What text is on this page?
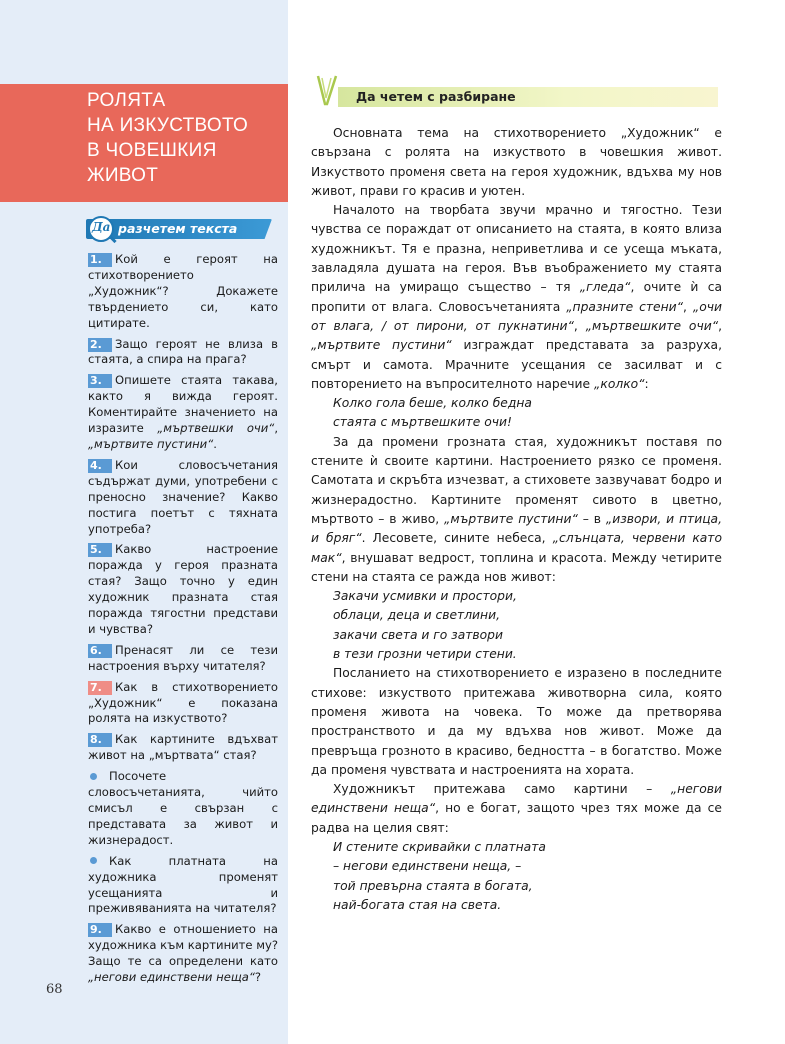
РОЛЯТА
НА ИЗКУСТВОТО
В ЧОВЕШКИЯ
ЖИВОТ
Да разчетем текста
1. Кой е героят на стихотворението „Художник“? Докажете твърдението си, като цитирате.
2. Защо героят не влиза в стаята, а спира на прага?
3. Опишете стаята такава, както я вижда героят. Коментирайте значението на изразите „мъртвешки очи“, „мъртвите пустини“.
4. Кои словосъчетания съдържат думи, употребени с преносно значение? Какво постига поетът с тяхната употреба?
5. Какво настроение поражда у героя празната стая? Защо точно у един художник празната стая поражда тягостни представи и чувства?
6. Пренасят ли се тези настроения върху читателя?
7. Как в стихотворението „Художник“ е показана ролята на изкуството?
8. Как картините вдъхват живот на „мъртвата“ стая?
Посочете словосъчетанията, чийто смисъл е свързан с представата за живот и жизнерадост.
Как платната на художника променят усещанията и преживяванията на читателя?
9. Какво е отношението на художника към картините му? Защо те са определени като „негови единствени неща“?
68
Да четем с разбиране

Основната тема на стихотворението „Художник“ е свързана с ролята на изкуството в човешкия живот. Изкуството променя света на героя художник, вдъхва му нов живот, прави го красив и уютен.

Началото на творбата звучи мрачно и тягостно. Тези чувства се пораждат от описанието на стаята, в която влиза художникът. Тя е празна, неприветлива и се усеща мъката, завладяла душата на героя. Във въображението му стаята прилича на умиращо същество – тя „гледа“, очите ѝ са пропити от влага. Словосъчетанията „празните стени“, „очи от влага, / от пирони, от пукнатини“, „мъртвешките очи“, „мъртвите пустини“ изграждат представата за разруха, смърт и самота. Мрачните усещания се засилват и с повторението на въпросителното наречие „колко“:

Колко гола беше, колко бедна

стаята с мъртвешките очи!

За да промени грозната стая, художникът поставя по стените ѝ своите картини. Настроението рязко се променя. Самотата и скръбта изчезват, а стиховете зазвучават бодро и жизнерадостно. Картините променят сивото в цветно, мъртвото – в живо, „мъртвите пустини“ – в „извори, и птица, и бряг“. Лесовете, сините небеса, „слънцата, червени като мак“, внушават ведрост, топлина и красота. Между четирите стени на стаята се ражда нов живот:

Закачи усмивки и простори,

облаци, деца и светлини,

закачи света и го затвори

в тези грозни четири стени.

Посланието на стихотворението е изразено в последните стихове: изкуството притежава животворна сила, която променя живота на човека. То може да претворява пространството и да му вдъхва нов живот. Може да превръща грозното в красиво, бедността – в богатство. Може да променя чувствата и настроенията на хората.

Художникът притежава само картини – „негови единствени неща“, но е богат, защото чрез тях може да се радва на целия свят:

И стените скривайки с платната

– негови единствени неща, –

той превърна стаята в богата,

най-богата стая на света.
